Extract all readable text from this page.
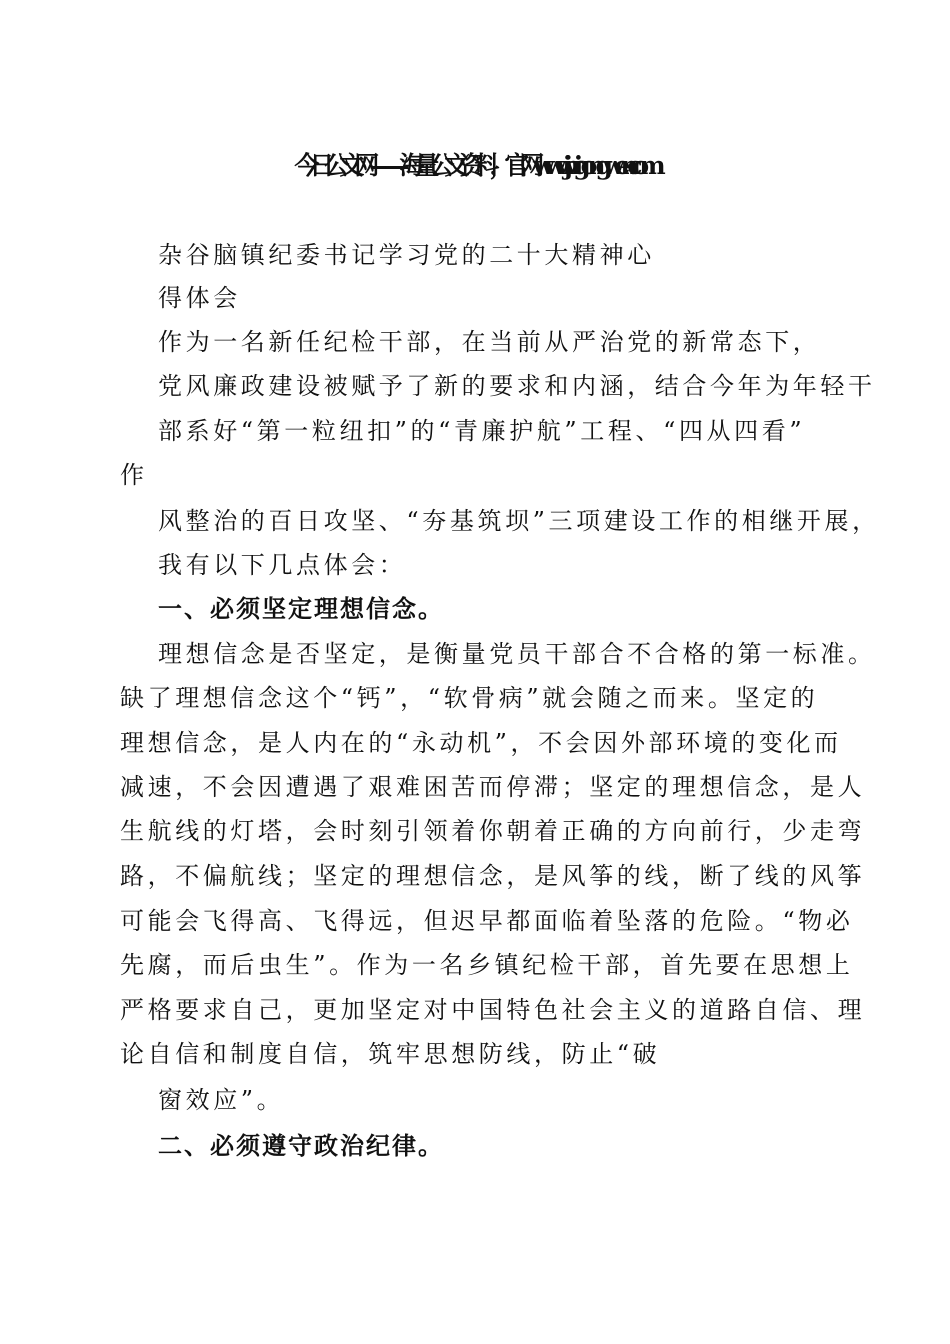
今日公文网——海量公文资料，官网 www.jinrigongwen.com
杂谷脑镇纪委书记学习党的二十大精神心
得体会
作为一名新任纪检干部，在当前从严治党的新常态下，
党风廉政建设被赋予了新的要求和内涵，结合今年为年轻干
部系好“第一粒纽扣”的“青廉护航”工程、“四从四看”
作
风整治的百日攻坚、“夯基筑坝”三项建设工作的相继开展，
我有以下几点体会：
一、必须坚定理想信念。
理想信念是否坚定，是衡量党员干部合不合格的第一标准。
缺了理想信念这个“钙”，“软骨病”就会随之而来。坚定的
理想信念，是人内在的“永动机”，不会因外部环境的变化而
减速，不会因遭遇了艰难困苦而停滞；坚定的理想信念，是人
生航线的灯塔，会时刻引领着你朝着正确的方向前行，少走弯
路，不偏航线；坚定的理想信念，是风筝的线，断了线的风筝
可能会飞得高、飞得远，但迟早都面临着坠落的危险。“物必
先腐，而后虫生”。作为一名乡镇纪检干部，首先要在思想上
严格要求自己，更加坚定对中国特色社会主义的道路自信、理
论自信和制度自信，筑牢思想防线，防止“破
窗效应”。
二、必须遵守政治纪律。
